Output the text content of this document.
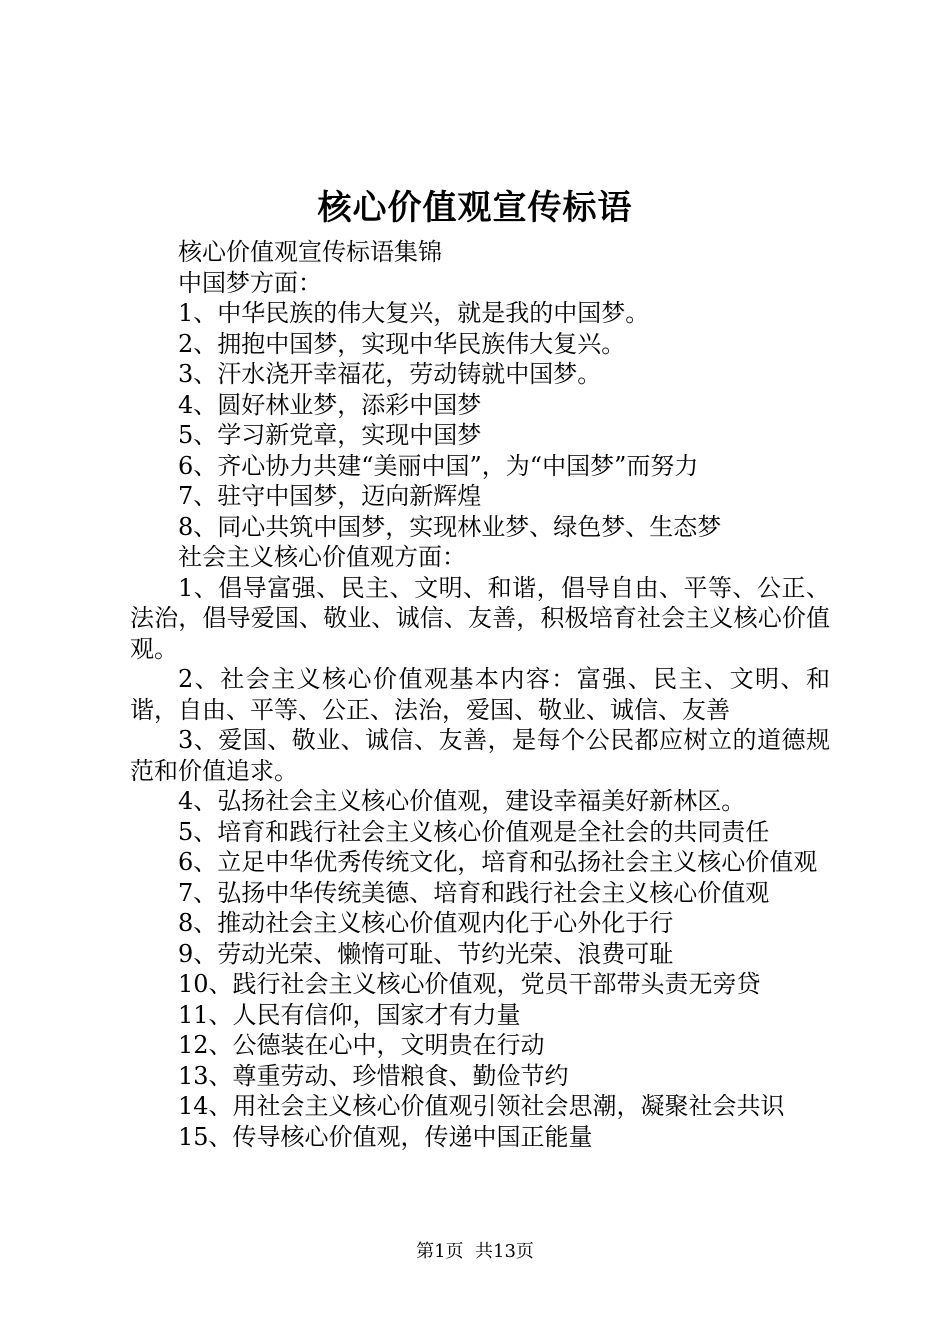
核心价值观宣传标语

核心价值观宣传标语集锦

中国梦方面：

1、中华民族的伟大复兴，就是我的中国梦。

2、拥抱中国梦，实现中华民族伟大复兴。

3、汗水浇开幸福花，劳动铸就中国梦。

4、圆好林业梦，添彩中国梦

5、学习新党章，实现中国梦

6、齐心协力共建“美丽中国”，为“中国梦”而努力

7、驻守中国梦，迈向新辉煌

8、同心共筑中国梦，实现林业梦、绿色梦、生态梦

社会主义核心价值观方面：

1、倡导富强、民主、文明、和谐，倡导自由、平等、公正、法治，倡导爱国、敬业、诚信、友善，积极培育社会主义核心价值观。

2、社会主义核心价值观基本内容：富强、民主、文明、和谐，自由、平等、公正、法治，爱国、敬业、诚信、友善

3、爱国、敬业、诚信、友善，是每个公民都应树立的道德规范和价值追求。

4、弘扬社会主义核心价值观，建设幸福美好新林区。

5、培育和践行社会主义核心价值观是全社会的共同责任

6、立足中华优秀传统文化，培育和弘扬社会主义核心价值观

7、弘扬中华传统美德、培育和践行社会主义核心价值观

8、推动社会主义核心价值观内化于心外化于行

9、劳动光荣、懒惰可耻、节约光荣、浪费可耻

10、践行社会主义核心价值观，党员干部带头责无旁贷

11、人民有信仰，国家才有力量

12、公德装在心中，文明贵在行动

13、尊重劳动、珍惜粮食、勤俭节约

14、用社会主义核心价值观引领社会思潮，凝聚社会共识

15、传导核心价值观，传递中国正能量

第1页 共13页
